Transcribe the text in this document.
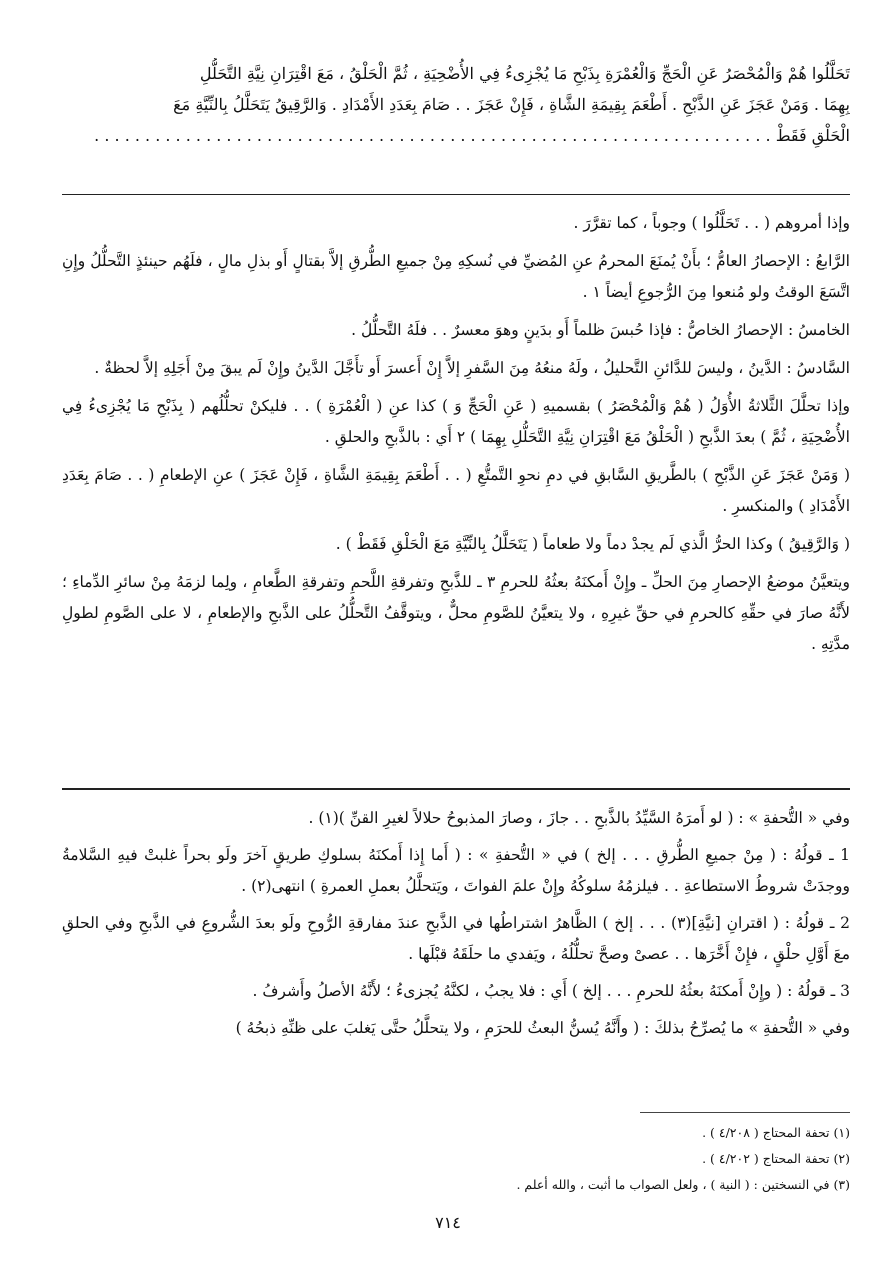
تَحَلَّلُوا هُمْ وَالْمُحْصَرُ عَنِ الْحَجِّ وَالْعُمْرَةِ بِذَبْحِ مَا يُجْزِىءُ فِي الأُضْحِيَةِ ، ثُمَّ الْحَلْقُ ، مَعَ اقْتِرَانِ نِيَّةِ التَّحَلُّلِ
بِهِمَا . وَمَنْ عَجَزَ عَنِ الذَّبْحِ . أَطْعَمَ بِقِيمَةِ الشَّاةِ ، فَإِنْ عَجَزَ . . صَامَ بِعَدَدِ الأَمْدَادِ . وَالرَّقِيقُ يَتَحَلَّلُ بِالنِّيَّةِ مَعَ
الْحَلْقِ فَقَطْ . . . . . . . . . . . . . . . . . . . . . . . . . . . . . . . . . . . . . . . . . . . . . . . . . . . . . . . . . . . . . . . . . . .

وإذا أمروهم ( . . تَحَلَّلُوا ) وجوباً ، كما تقرَّرَ .

الرَّابعُ : الإحصارُ العامُّ ؛ بأَنْ يُمنَعَ المحرمُ عنِ المُضيِّ في نُسكِهِ مِنْ جميعِ الطُّرقِ إلاَّ بقتالٍ أَو بذلِ مالٍ ، فلَهُم حينئذٍ التَّحلُّلُ وإِنِ اتَّسَعَ الوقتُ ولو مُنعوا مِنَ الرُّجوعِ أيضاً ١ .

الخامسُ : الإحصارُ الخاصُّ : فإذا حُبسَ ظلماً أَو بدَينٍ وهوَ معسرٌ . . فلَهُ التَّحلُّلُ .

السَّادسُ : الدَّينُ ، وليسَ للدَّائنِ التَّحليلُ ، ولَهُ منعُهُ مِنَ السَّفرِ إلاَّ إِنْ أَعسرَ أَو تأَجَّلَ الدَّينُ وإِنْ لَم يبقَ مِنْ أَجَلِهِ إلاَّ لحظةٌ .

وإذا تحلَّلَ الثَّلاثةُ الأُوَلُ ( هُمْ وَالْمُحْصَرُ ) بقسميهِ ( عَنِ الْحَجِّ وَ ) كذا عنِ ( الْعُمْرَةِ ) . . فليكنْ تحلُّلُهم ( بِذَبْحِ مَا يُجْزِىءُ فِي الأُضْحِيَةِ ، ثُمَّ ) بعدَ الذَّبحِ ( الْحَلْقُ مَعَ اقْتِرَانِ نِيَّةِ التَّحَلُّلِ بِهِمَا ) ٢ أَي : بالذَّبحِ والحلقِ .

( وَمَنْ عَجَزَ عَنِ الذَّبْحِ ) بالطَّريقِ السَّابقِ في دمِ نحوِ التَّمتُّعِ ( . . أَطْعَمَ بِقِيمَةِ الشَّاةِ ، فَإِنْ عَجَزَ ) عنِ الإطعامِ ( . . صَامَ بِعَدَدِ الأَمْدَادِ ) والمنكسرِ .

( وَالرَّقِيقُ ) وكذا الحرُّ الَّذي لَم يجدْ دماً ولا طعاماً ( يَتَحَلَّلُ بِالنِّيَّةِ مَعَ الْحَلْقِ فَقَطْ ) .

ويتعيَّنُ موضعُ الإحصارِ مِنَ الحلِّ ـ وإِنْ أَمكنَهُ بعثُهُ للحرمِ ٣ ـ للذَّبحِ وتفرقةِ اللَّحمِ وتفرقةِ الطَّعامِ ، ولِما لزمَهُ مِنْ سائرِ الدِّماءِ ؛ لأَنَّهُ صارَ في حقِّهِ كالحرمِ في حقِّ غيرِهِ ، ولا يتعيَّنُ للصَّومِ محلٌّ ، ويتوقَّفُ التَّحلُّلُ على الذَّبحِ والإطعامِ ، لا على الصَّومِ لطولِ مدَّتِهِ .

وفي « التُّحفةِ » : ( لو أَمرَهُ السَّيِّدُ بالذَّبحِ . . جازَ ، وصارَ المذبوحُ حلالاً لغيرِ القنِّ )(١) .

1 ـ قولُهُ : ( مِنْ جميعِ الطُّرقِ . . . إلخ ) في « التُّحفةِ » : ( أَما إِذا أَمكنَهُ بسلوكِ طريقٍ آخرَ ولَو بحراً غلبتْ فيهِ السَّلامةُ ووجدَتْ شروطُ الاستطاعةِ . . فيلزمُهُ سلوكُهُ وإِنْ علمَ الفواتَ ، ويَتحلَّلُ بعملِ العمرةِ ) انتهى(٢) .

2 ـ قولُهُ : ( اقترانِ [نيَّةِ](٣) . . . إلخ ) الظَّاهرُ اشتراطُها في الذَّبحِ عندَ مفارقةِ الرُّوحِ ولَو بعدَ الشُّروعِ في الذَّبحِ وفي الحلقِ معَ أَوَّلِ حلْقٍ ، فإِنْ أَخَّرَها . . عصىْ وصحَّ تحلُّلُهُ ، ويَفدي ما حلَقَهُ قبْلَها .

3 ـ قولُهُ : ( وإِنْ أَمكنَهُ بعثُهُ للحرمِ . . . إلخ ) أَي : فلا يجبُ ، لكنَّهُ يُجزىءُ ؛ لأَنَّهُ الأصلُ وأَشرفُ .

وفي « التُّحفةِ » ما يُصرِّحُ بذلكَ : ( وأَنَّهُ يُسنُّ البعثُ للحرَمِ ، ولا يتحلَّلُ حتَّى يَغلبَ على ظنِّهِ ذبحُهُ )

(١) تحفة المحتاج ( ٤/٢٠٨ ) .
(٢) تحفة المحتاج ( ٤/٢٠٢ ) .
(٣) في النسختين : ( النية ) ، ولعل الصواب ما أثبت ، والله أعلم .
٧١٤
